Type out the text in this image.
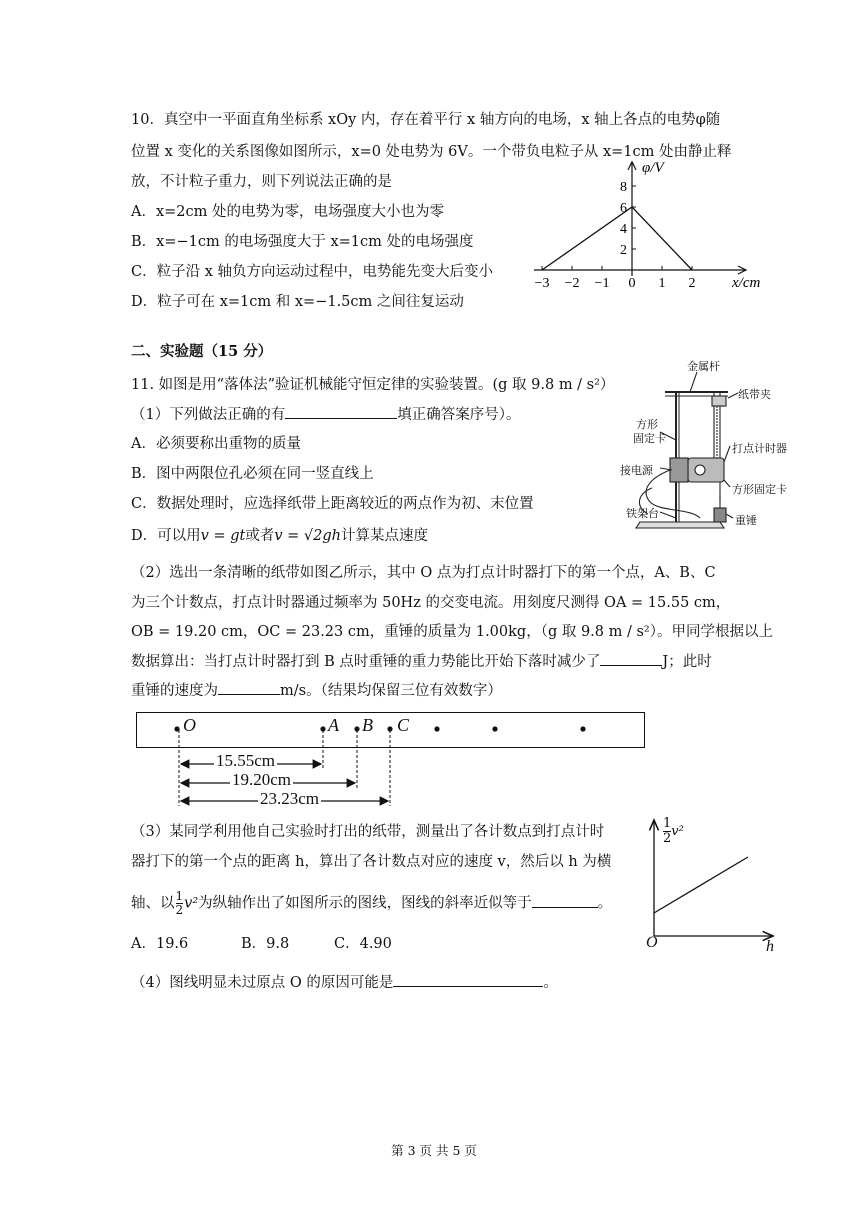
10．真空中一平面直角坐标系 xOy 内，存在着平行 x 轴方向的电场，x 轴上各点的电势φ随
位置 x 变化的关系图像如图所示，x=0 处电势为 6V。一个带负电粒子从 x=1cm 处由静止释
放，不计粒子重力，则下列说法正确的是
A．x=2cm 处的电势为零，电场强度大小也为零
B．x=−1cm 的电场强度大于 x=1cm 处的电场强度
C．粒子沿 x 轴负方向运动过程中，电势能先变大后变小
D．粒子可在 x=1cm 和 x=−1.5cm 之间往复运动
2
4
6
8
−3 −2 −1 0 1 2
φ/V
x/cm
二、实验题（15 分）
11. 如图是用“落体法”验证机械能守恒定律的实验装置。(g 取 9.8 m / s²）
（1）下列做法正确的有	填正确答案序号）。
A．必须要称出重物的质量
B．图中两限位孔必须在同一竖直线上
C．数据处理时，应选择纸带上距离较近的两点作为初、末位置
D．可以用v = gt或者v = √2gh计算某点速度
（2）选出一条清晰的纸带如图乙所示，其中 O 点为打点计时器打下的第一个点，A、B、C
为三个计数点，打点计时器通过频率为 50Hz 的交变电流。用刻度尺测得 OA = 15.55 cm，
OB = 19.20 cm，OC = 23.23 cm，重锤的质量为 1.00kg，（g 取 9.8 m / s²）。甲同学根据以上
数据算出：当打点计时器打到 B 点时重锤的重力势能比开始下落时减少了	J；此时
重锤的速度为	m/s。（结果均保留三位有效数字）
O	A B C
15.55cm
19.20cm
23.23cm
（3）某同学利用他自己实验时打出的纸带，测量出了各计数点到打点计时
器打下的第一个点的距离 h，算出了各计数点对应的速度 v，然后以 h 为横
轴、以 $\frac{1}{2} v^2$为纵轴作出了如图所示的图线，图线的斜率近似等于	。
A．19.6	B．9.8	C．4.90
（4）图线明显未过原点 O 的原因可能是	。
$\frac{1}{2} v^2$
O	h
金属杆
纸带夹
方形
固定卡
打点计时器
接电源
方形固定卡
铁架台
重锤
第 3 页 共 5 页
